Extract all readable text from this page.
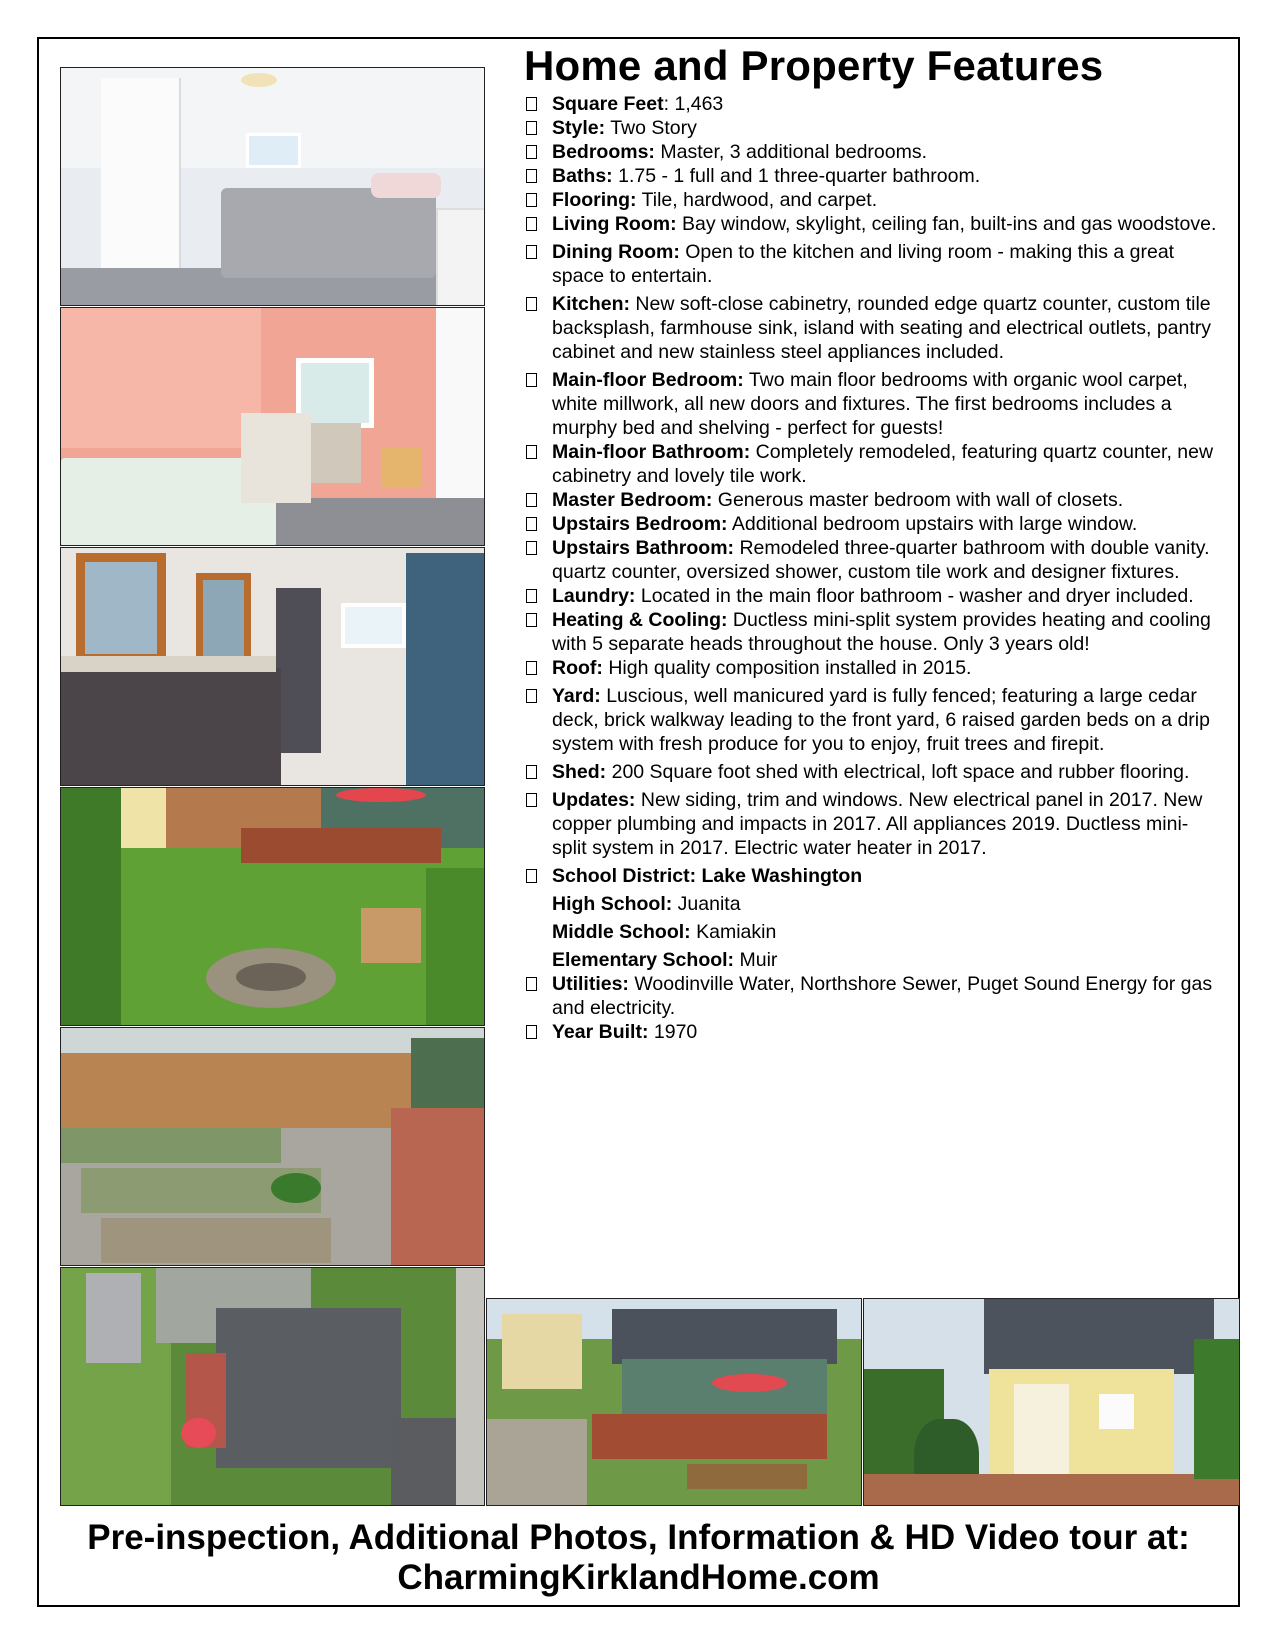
Home and Property Features
Square Feet: 1,463
Style: Two Story
Bedrooms: Master, 3 additional bedrooms.
Baths: 1.75 - 1 full and 1 three-quarter bathroom.
Flooring: Tile, hardwood, and carpet.
Living Room: Bay window, skylight, ceiling fan, built-ins and gas woodstove.
Dining Room: Open to the kitchen and living room - making this a great space to entertain.
Kitchen: New soft-close cabinetry, rounded edge quartz counter, custom tile backsplash, farmhouse sink, island with seating and electrical outlets, pantry cabinet and new stainless steel appliances included.
Main-floor Bedroom: Two main floor bedrooms with organic wool carpet, white millwork, all new doors and fixtures. The first bedrooms includes a murphy bed and shelving - perfect for guests!
Main-floor Bathroom: Completely remodeled, featuring quartz counter, new cabinetry and lovely tile work.
Master Bedroom: Generous master bedroom with wall of closets.
Upstairs Bedroom: Additional bedroom upstairs with large window.
Upstairs Bathroom: Remodeled three-quarter bathroom with double vanity. quartz counter, oversized shower, custom tile work and designer fixtures.
Laundry: Located in the main floor bathroom - washer and dryer included.
Heating & Cooling: Ductless mini-split system provides heating and cooling with 5 separate heads throughout the house. Only 3 years old!
Roof: High quality composition installed in 2015.
Yard: Luscious, well manicured yard is fully fenced; featuring a large cedar deck, brick walkway leading to the front yard, 6 raised garden beds on a drip system with fresh produce for you to enjoy, fruit trees and firepit.
Shed: 200 Square foot shed with electrical, loft space and rubber flooring.
Updates: New siding, trim and windows. New electrical panel in 2017. New copper plumbing and impacts in 2017. All appliances 2019. Ductless mini-split system in 2017. Electric water heater in 2017.
School District: Lake Washington
High School: Juanita
Middle School: Kamiakin
Elementary School: Muir
Utilities: Woodinville Water, Northshore Sewer, Puget Sound Energy for gas and electricity.
Year Built: 1970
Pre-inspection, Additional Photos, Information & HD Video tour at:
CharmingKirklandHome.com
